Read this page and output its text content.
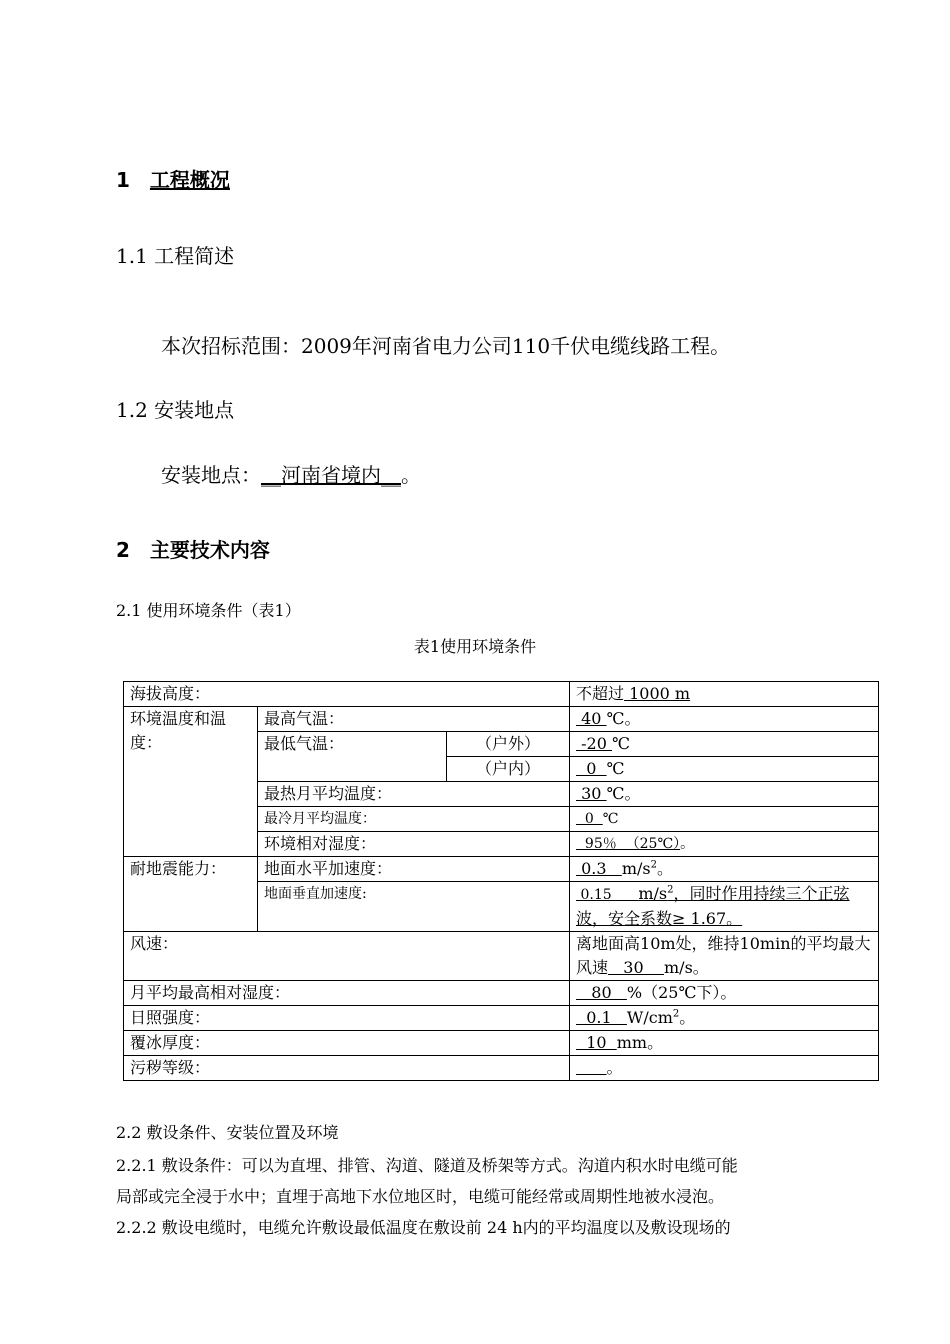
1　工程概况
1.1 工程简述
本次招标范围：2009年河南省电力公司110千伏电缆线路工程。
1.2 安装地点
安装地点：__河南省境内__。
2　主要技术内容
2.1 使用环境条件（表1）
表1使用环境条件
海拔高度：			不超过 1000 m
环境温度和温度：	最高气温：		40 ℃。
	最低气温：	（户外）	-20 ℃
		（户内）	0  ℃
	最热月平均温度：		30 ℃。
	最冷月平均温度：		0  ℃
	环境相对湿度：		95％  （25℃）。
耐地震能力：	地面水平加速度：		0.3   $m/s^2$。
	地面垂直加速度:		0.15      $m/s^2$，同时作用持续三个正弦波，安全系数≥ 1.67。
风速：			离地面高10m处，维持10min的平均最大风速   30    m/s。
月平均最高相对湿度：			80   %（25℃下）。
日照强度：			0.1   $W/cm^2$。
覆冰厚度：			10  mm。
污秽等级：			。
2.2 敷设条件、安装位置及环境
2.2.1 敷设条件：可以为直埋、排管、沟道、隧道及桥架等方式。沟道内积水时电缆可能
局部或完全浸于水中；直埋于高地下水位地区时，电缆可能经常或周期性地被水浸泡。
2.2.2 敷设电缆时，电缆允许敷设最低温度在敷设前 24 h内的平均温度以及敷设现场的
